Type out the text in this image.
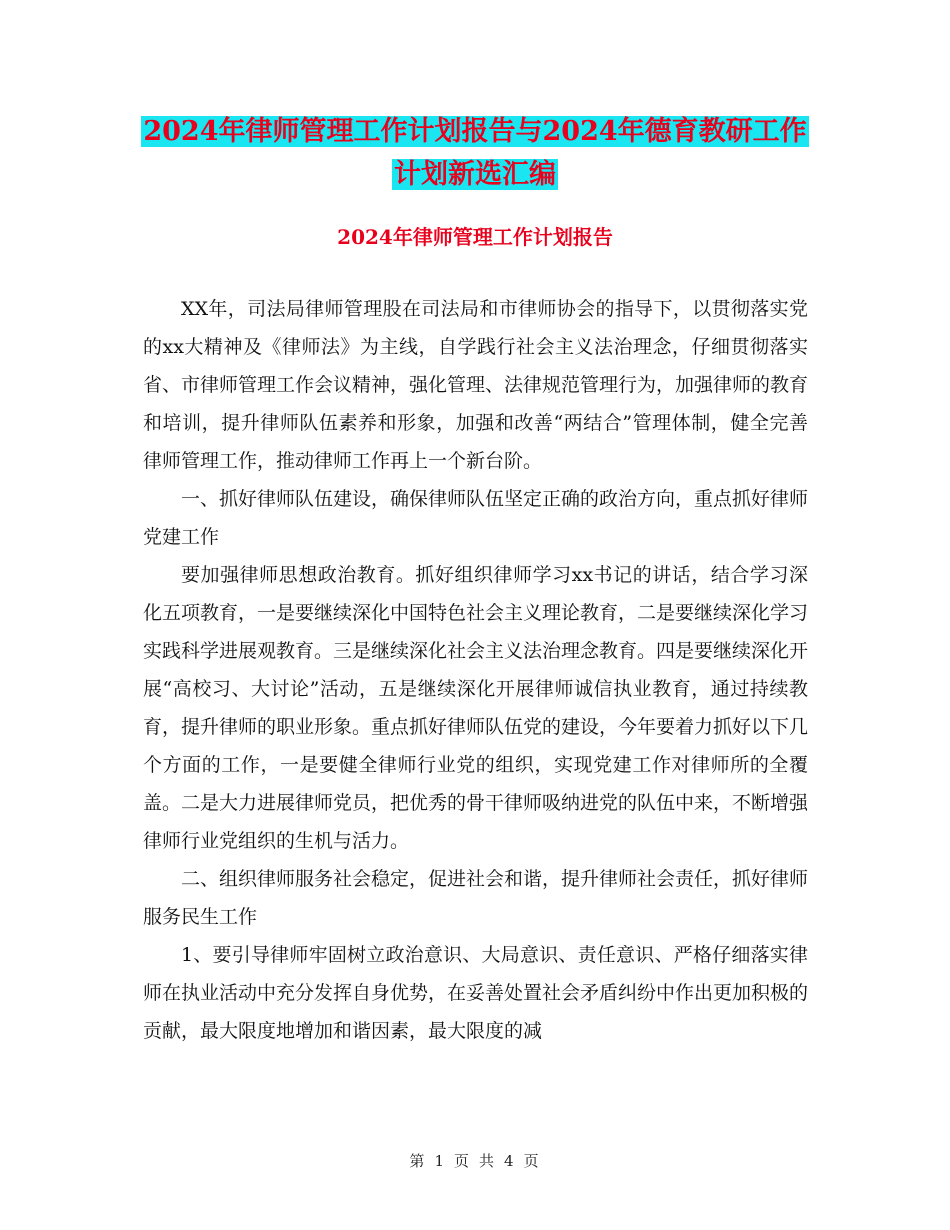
2024年律师管理工作计划报告与2024年德育教研工作
计划新选汇编
2024年律师管理工作计划报告

XX年，司法局律师管理股在司法局和市律师协会的指导下，以贯彻落实党的xx大精神及《律师法》为主线，自学践行社会主义法治理念，仔细贯彻落实省、市律师管理工作会议精神，强化管理、法律规范管理行为，加强律师的教育和培训，提升律师队伍素养和形象，加强和改善“两结合”管理体制，健全完善律师管理工作，推动律师工作再上一个新台阶。

一、抓好律师队伍建设，确保律师队伍坚定正确的政治方向，重点抓好律师党建工作

要加强律师思想政治教育。抓好组织律师学习xx书记的讲话，结合学习深化五项教育，一是要继续深化中国特色社会主义理论教育，二是要继续深化学习实践科学进展观教育。三是继续深化社会主义法治理念教育。四是要继续深化开展“高校习、大讨论”活动，五是继续深化开展律师诚信执业教育，通过持续教育，提升律师的职业形象。重点抓好律师队伍党的建设，今年要着力抓好以下几个方面的工作，一是要健全律师行业党的组织，实现党建工作对律师所的全覆盖。二是大力进展律师党员，把优秀的骨干律师吸纳进党的队伍中来，不断增强律师行业党组织的生机与活力。

二、组织律师服务社会稳定，促进社会和谐，提升律师社会责任，抓好律师服务民生工作

1、要引导律师牢固树立政治意识、大局意识、责任意识、严格仔细落实律师在执业活动中充分发挥自身优势，在妥善处置社会矛盾纠纷中作出更加积极的贡献，最大限度地增加和谐因素，最大限度的减

第 1 页 共 4 页
